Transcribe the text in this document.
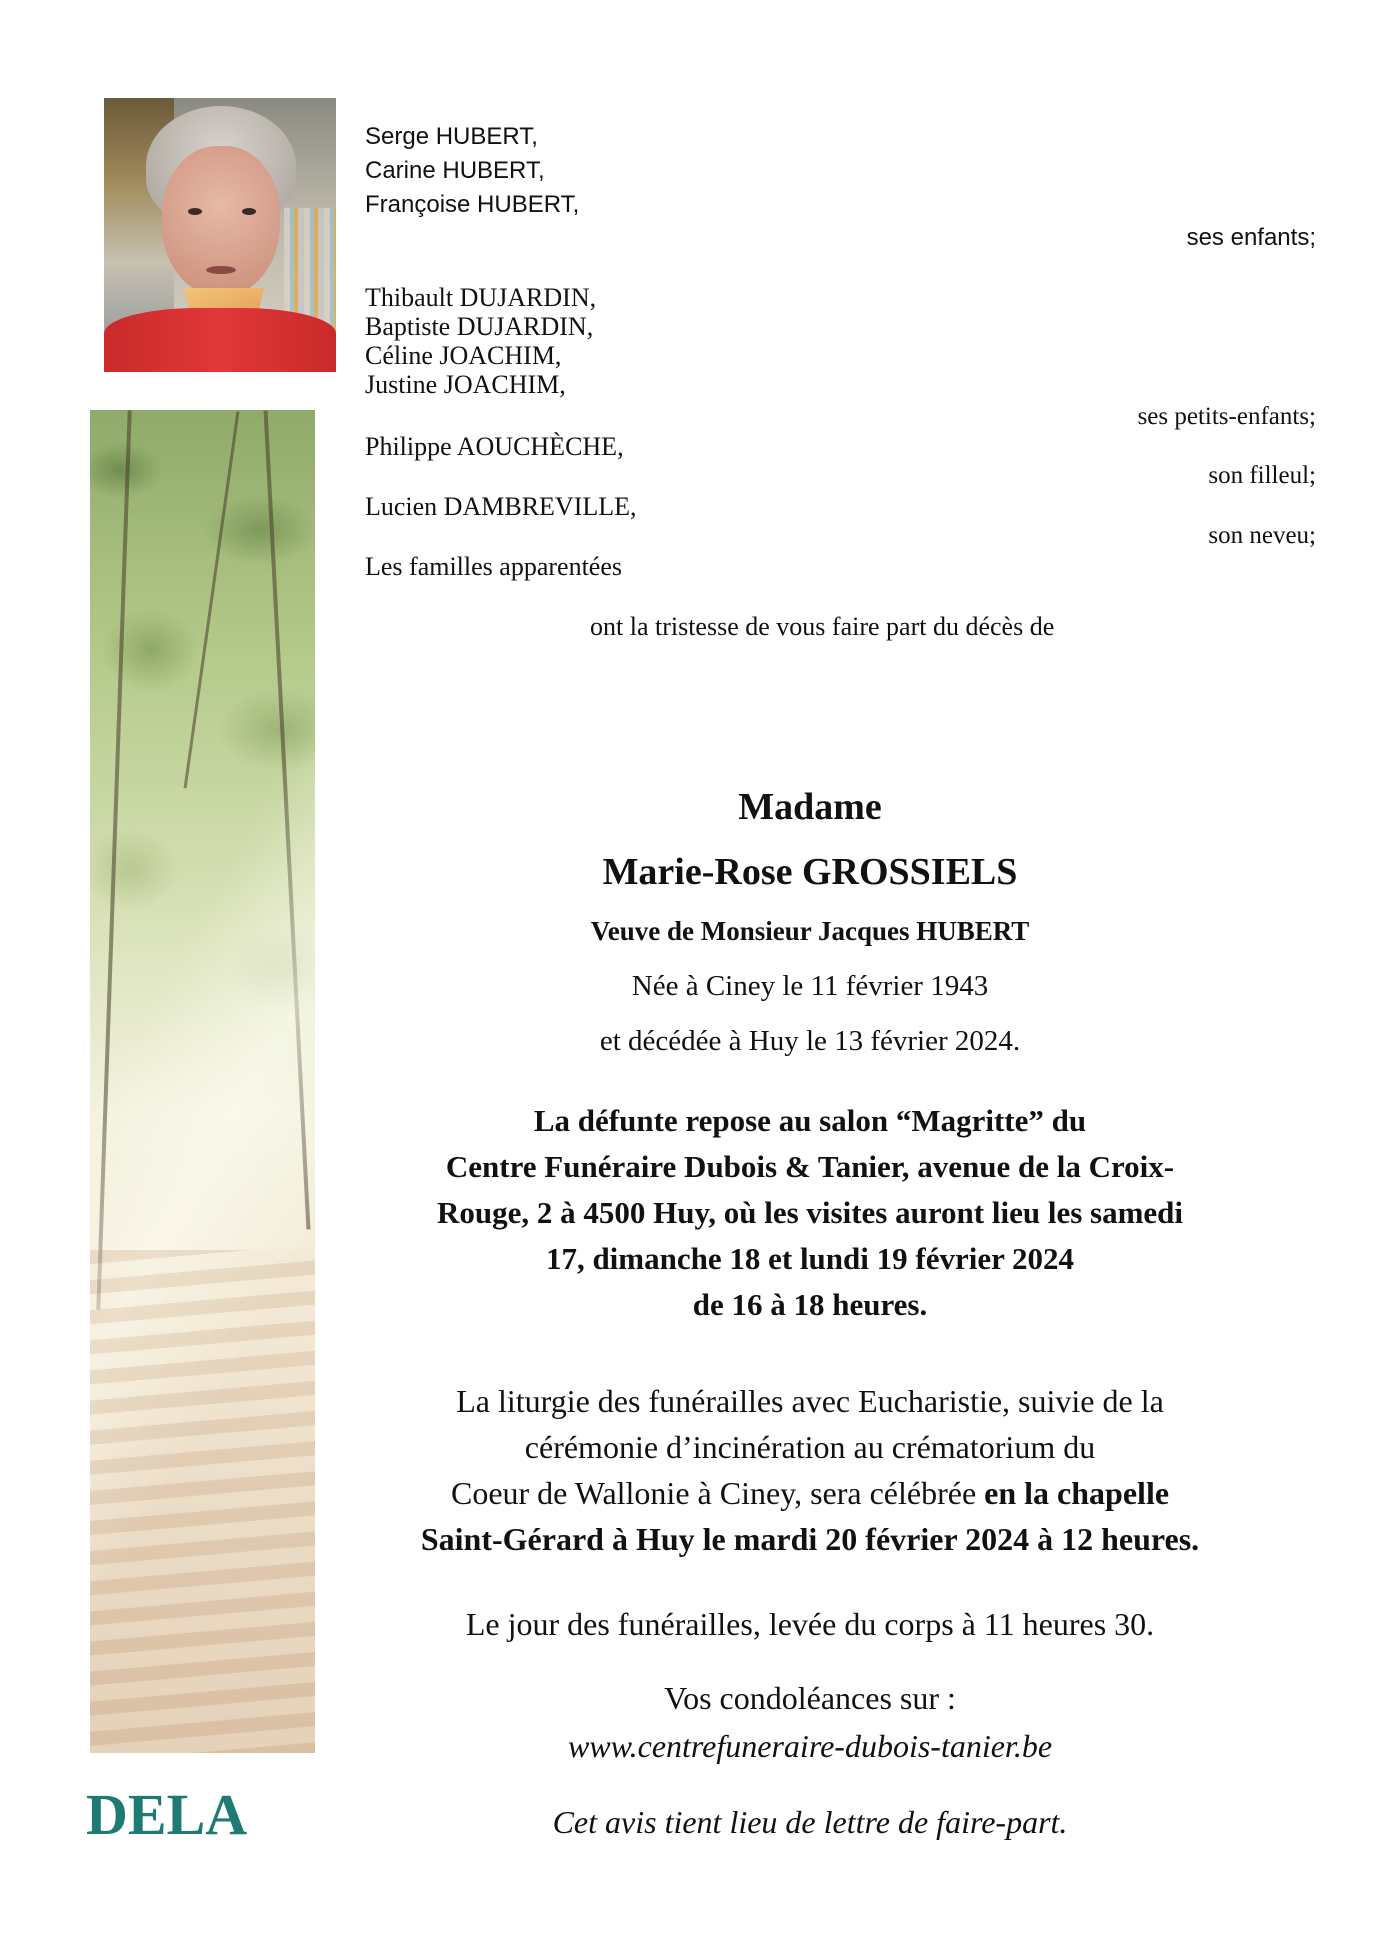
DELA
Serge HUBERT,
Carine HUBERT,
Françoise HUBERT,
ses enfants;
Thibault DUJARDIN,
Baptiste DUJARDIN,
Céline JOACHIM,
Justine JOACHIM,
ses petits-enfants;
Philippe AOUCHÈCHE,
son filleul;
Lucien DAMBREVILLE,
son neveu;
Les familles apparentées
ont la tristesse de vous faire part du décès de
Madame
Marie-Rose GROSSIELS
Veuve de Monsieur Jacques HUBERT
Née à Ciney le 11 février 1943
et décédée à Huy le 13 février 2024.
La défunte repose au salon “Magritte” du
Centre Funéraire Dubois & Tanier, avenue de la Croix-
Rouge, 2 à 4500 Huy, où les visites auront lieu les samedi
17, dimanche 18 et lundi 19 février 2024
de 16 à 18 heures.
La liturgie des funérailles avec Eucharistie, suivie de la
cérémonie d’incinération au crématorium du
Coeur de Wallonie à Ciney, sera célébrée en la chapelle
Saint-Gérard à Huy le mardi 20 février 2024 à 12 heures.
Le jour des funérailles, levée du corps à 11 heures 30.
Vos condoléances sur :
www.centrefuneraire-dubois-tanier.be
Cet avis tient lieu de lettre de faire-part.
